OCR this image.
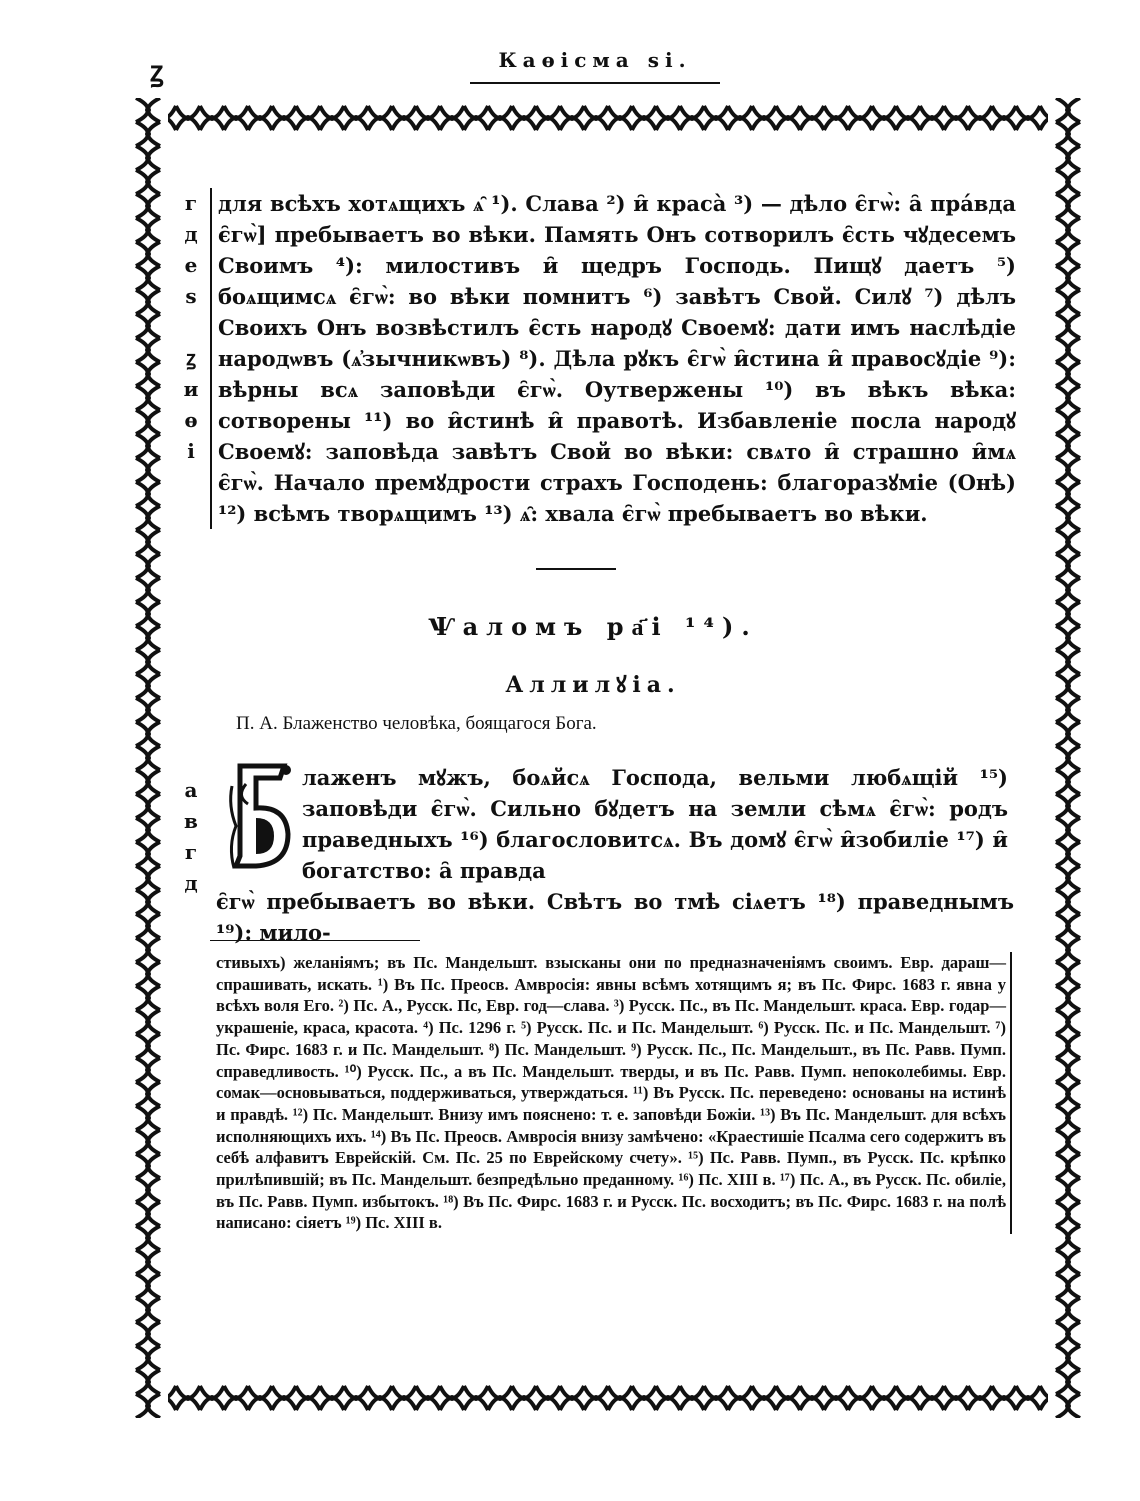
ꙁ	Каѳісма ѕі.
г
д
е
ѕ
ꙁ
и
ѳ
і
для всѣхъ хотѧщихъ ѧ̑ ¹). Слава ²) и̑ краса̀ ³) — дѣло є̑гѡ̀: а̑ пра́вда є̑гѡ̀] пребываетъ во вѣки. Память Онъ сотворилъ є̑сть чꙋдесемъ Своимъ ⁴): милостивъ и̑ щедръ Господь. Пищꙋ даетъ ⁵) боѧщимсѧ є̑гѡ̀: во вѣки помнитъ ⁶) завѣтъ Свой. Силꙋ ⁷) дѣлъ Своихъ Онъ возвѣстилъ є̑сть народꙋ Своемꙋ: дати имъ наслѣдіе народѡвъ (ѧ҆зычникѡвъ) ⁸). Дѣла рꙋкъ є̑гѡ̀ и̑стина и̑ правосꙋдіе ⁹): вѣрны всѧ заповѣди є̑гѡ̀. Оутвержены ¹⁰) въ вѣкъ вѣка: сотворены ¹¹) во и̑стинѣ и̑ правотѣ. Избавленіе посла народꙋ Своемꙋ: заповѣда завѣтъ Свой во вѣки: свѧто и̑ страшно и̑мѧ є̑гѡ̀. Начало премꙋдрости страхъ Господень: благоразꙋміе (Онѣ) ¹²) всѣмъ творѧщимъ ¹³) ѧ̑: хвала є̑гѡ̀ пребываетъ во вѣки.
Ѱаломъ ра҃і ¹⁴).
Аллилꙋіа.
П. А. Блаженство человѣка, боящагося Бога.
а
в
г
д
лаженъ мꙋжъ, боѧйсѧ Господа, вельми любѧщій ¹⁵) заповѣди є̑гѡ̀. Сильно бꙋдетъ на земли сѣмѧ є̑гѡ̀: родъ праведныхъ ¹⁶) благословитсѧ. Въ домꙋ є̑гѡ̀ и̑зобиліе ¹⁷) и̑ богатство: а̑ правда
є̑гѡ̀ пребываетъ во вѣки. Свѣтъ во тмѣ сіѧетъ ¹⁸) праведнымъ ¹⁹): мило-
стивыхъ) желаніямъ; въ Пс. Мандельшт. взысканы они по предназначеніямъ своимъ. Евр. дараш—спрашивать, искать. ¹) Въ Пс. Преосв. Амвросія: явны всѣмъ хотящимъ я; въ Пс. Фирс. 1683 г. явна у всѣхъ воля Его. ²) Пс. А., Русск. Пс, Евр. год—слава. ³) Русск. Пс., въ Пс. Мандельшт. краса. Евр. годар—украшеніе, краса, красота. ⁴) Пс. 1296 г. ⁵) Русск. Пс. и Пс. Мандельшт. ⁶) Русск. Пс. и Пс. Мандельшт. ⁷) Пс. Фирс. 1683 г. и Пс. Мандельшт. ⁸) Пс. Мандельшт. ⁹) Русск. Пс., Пс. Мандельшт., въ Пс. Равв. Пумп. справедливость. ¹⁰) Русск. Пс., а въ Пс. Мандельшт. тверды, и въ Пс. Равв. Пумп. непоколебимы. Евр. сомак—основываться, поддерживаться, утверждаться. ¹¹) Въ Русск. Пс. переведено: основаны на истинѣ и правдѣ. ¹²) Пс. Мандельшт. Внизу имъ пояснено: т. е. заповѣди Божіи. ¹³) Въ Пс. Мандельшт. для всѣхъ исполняющихъ ихъ. ¹⁴) Въ Пс. Преосв. Амвросія внизу замѣчено: «Краестишіе Псалма сего содержитъ въ себѣ алфавитъ Еврейскій. См. Пс. 25 по Еврейскому счету». ¹⁵) Пс. Равв. Пумп., въ Русск. Пс. крѣпко прилѣпившій; въ Пс. Мандельшт. безпредѣльно преданному. ¹⁶) Пс. XIII в. ¹⁷) Пс. А., въ Русск. Пс. обиліе, въ Пс. Равв. Пумп. избытокъ. ¹⁸) Въ Пс. Фирс. 1683 г. и Русск. Пс. восходитъ; въ Пс. Фирс. 1683 г. на полѣ написано: сіяетъ ¹⁹) Пс. XIII в.
